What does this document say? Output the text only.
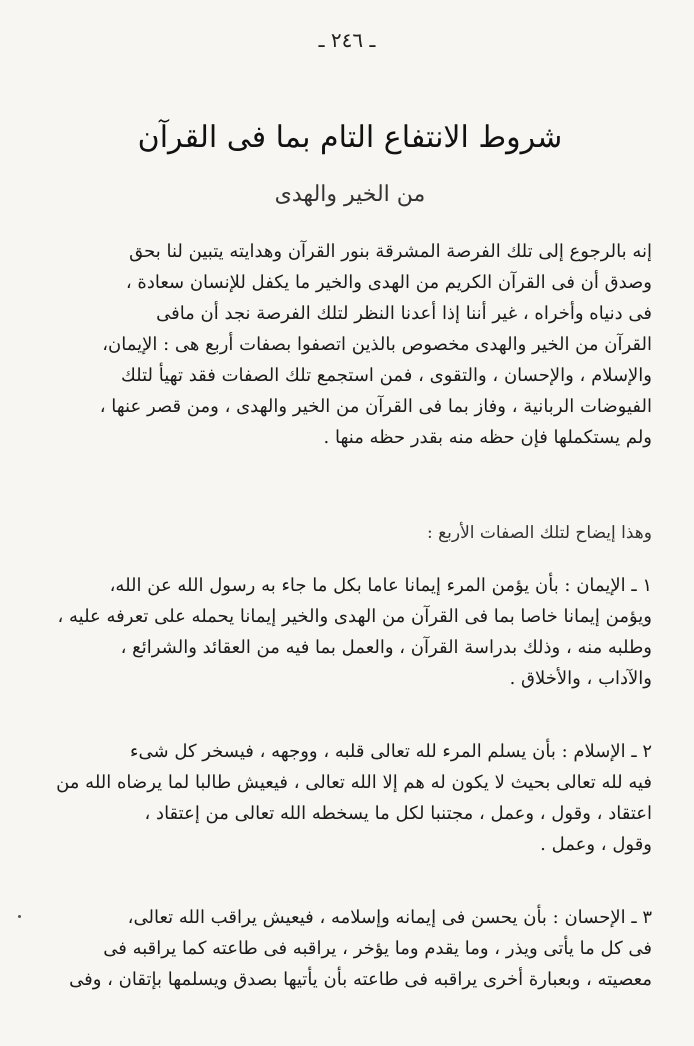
ـ ٢٤٦ ـ
شروط الانتفاع التام بما فى القرآن
من الخير والهدى
إنه بالرجوع إلى تلك الفرصة المشرقة بنور القرآن وهدايته يتبين لنا بحق
وصدق أن فى القرآن الكريم من الهدى والخير ما يكفل للإنسان سعادة ،
فى دنياه وأخراه ، غير أننا إذا أعدنا النظر لتلك الفرصة نجد أن مافى
القرآن من الخير والهدى مخصوص بالذين اتصفوا بصفات أربع هى : الإيمان،
والإسلام ، والإحسان ، والتقوى ، فمن استجمع تلك الصفات فقد تهيأ لتلك
الفيوضات الربانية ، وفاز بما فى القرآن من الخير والهدى ، ومن قصر عنها ،
ولم يستكملها فإن حظه منه بقدر حظه منها .
وهذا إيضاح لتلك الصفات الأربع :
١ ـ الإيمان : بأن يؤمن المرء إيمانا عاما بكل ما جاء به رسول الله عن الله،
ويؤمن إيمانا خاصا بما فى القرآن من الهدى والخير إيمانا يحمله على تعرفه عليه ،
وطلبه منه ، وذلك بدراسة القرآن ، والعمل بما فيه من العقائد والشرائع ،
والآداب ، والأخلاق .
٢ ـ الإسلام : بأن يسلم المرء لله تعالى قلبه ، ووجهه ، فيسخر كل شىء
فيه لله تعالى بحيث لا يكون له هم إلا الله تعالى ، فيعيش طالبا لما يرضاه الله من
اعتقاد ، وقول ، وعمل ، مجتنبا لكل ما يسخطه الله تعالى من إعتقاد ،
وقول ، وعمل .
٣ ـ الإحسان : بأن يحسن فى إيمانه وإسلامه ، فيعيش يراقب الله تعالى،
فى كل ما يأتى ويذر ، وما يقدم وما يؤخر ، يراقبه فى طاعته كما يراقبه فى
معصيته ، وبعبارة أخرى يراقبه فى طاعته بأن يأتيها بصدق ويسلمها بإتقان ، وفى
